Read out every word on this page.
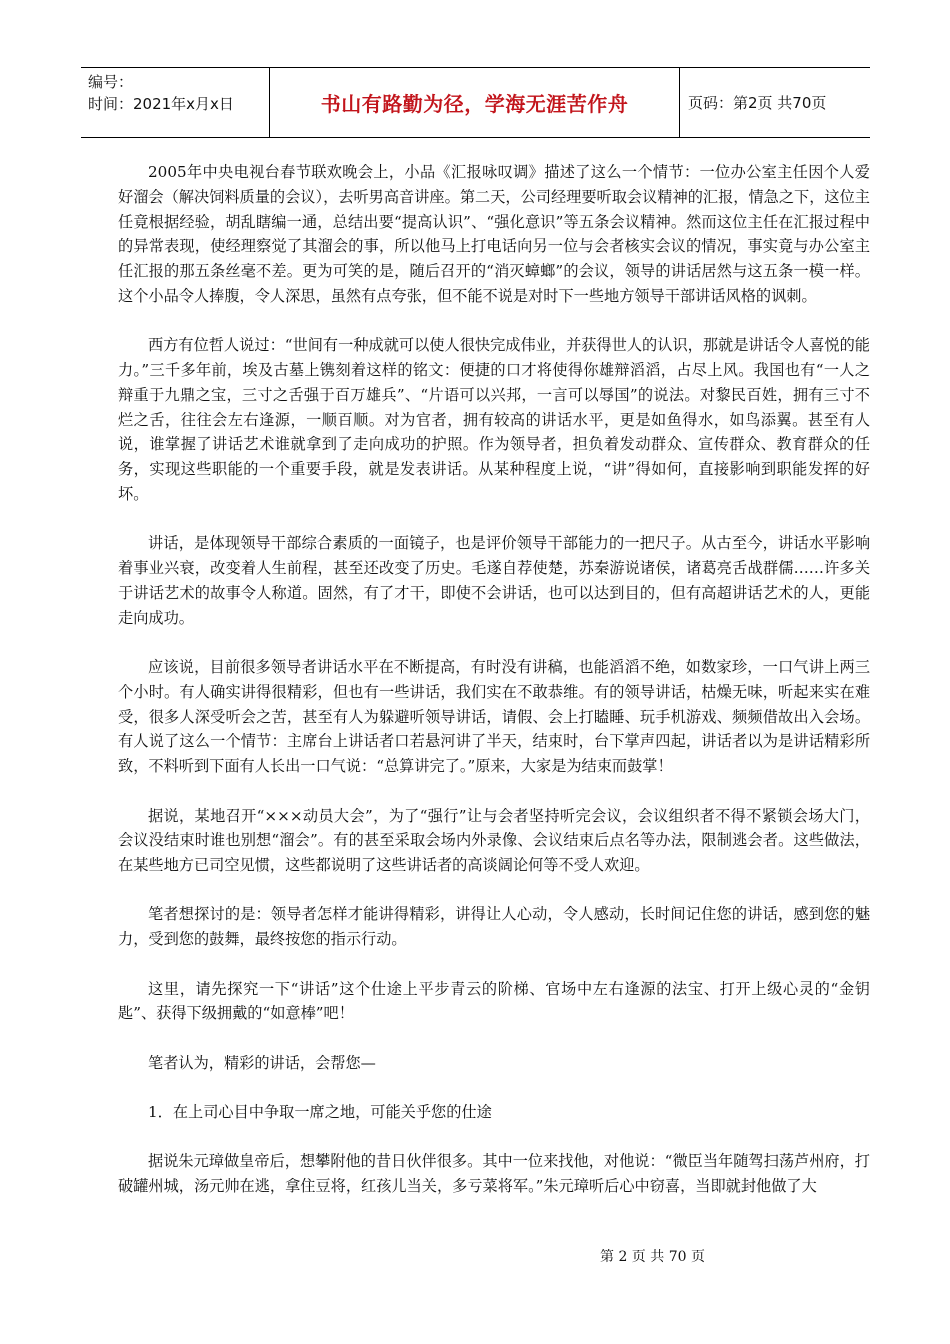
编号：
时间：2021年x月x日	书山有路勤为径，学海无涯苦作舟	页码：第2页 共70页

2005年中央电视台春节联欢晚会上，小品《汇报咏叹调》描述了这么一个情节：一位办公室主任因个人爱好溜会（解决饲料质量的会议），去听男高音讲座。第二天，公司经理要听取会议精神的汇报，情急之下，这位主任竟根据经验，胡乱瞎编一通，总结出要“提高认识”、“强化意识”等五条会议精神。然而这位主任在汇报过程中的异常表现，使经理察觉了其溜会的事，所以他马上打电话向另一位与会者核实会议的情况，事实竟与办公室主任汇报的那五条丝毫不差。更为可笑的是，随后召开的“消灭蟑螂”的会议，领导的讲话居然与这五条一模一样。这个小品令人捧腹，令人深思，虽然有点夸张，但不能不说是对时下一些地方领导干部讲话风格的讽刺。

西方有位哲人说过：“世间有一种成就可以使人很快完成伟业，并获得世人的认识，那就是讲话令人喜悦的能力。”三千多年前，埃及古墓上镌刻着这样的铭文：便捷的口才将使得你雄辩滔滔，占尽上风。我国也有“一人之辩重于九鼎之宝，三寸之舌强于百万雄兵”、“片语可以兴邦，一言可以辱国”的说法。对黎民百姓，拥有三寸不烂之舌，往往会左右逢源，一顺百顺。对为官者，拥有较高的讲话水平，更是如鱼得水，如鸟添翼。甚至有人说，谁掌握了讲话艺术谁就拿到了走向成功的护照。作为领导者，担负着发动群众、宣传群众、教育群众的任务，实现这些职能的一个重要手段，就是发表讲话。从某种程度上说，“讲”得如何，直接影响到职能发挥的好坏。

讲话，是体现领导干部综合素质的一面镜子，也是评价领导干部能力的一把尺子。从古至今，讲话水平影响着事业兴衰，改变着人生前程，甚至还改变了历史。毛遂自荐使楚，苏秦游说诸侯，诸葛亮舌战群儒……许多关于讲话艺术的故事令人称道。固然，有了才干，即使不会讲话，也可以达到目的，但有高超讲话艺术的人，更能走向成功。

应该说，目前很多领导者讲话水平在不断提高，有时没有讲稿，也能滔滔不绝，如数家珍，一口气讲上两三个小时。有人确实讲得很精彩，但也有一些讲话，我们实在不敢恭维。有的领导讲话，枯燥无味，听起来实在难受，很多人深受听会之苦，甚至有人为躲避听领导讲话，请假、会上打瞌睡、玩手机游戏、频频借故出入会场。有人说了这么一个情节：主席台上讲话者口若悬河讲了半天，结束时，台下掌声四起，讲话者以为是讲话精彩所致，不料听到下面有人长出一口气说：“总算讲完了。”原来，大家是为结束而鼓掌！

据说，某地召开“×××动员大会”，为了“强行”让与会者坚持听完会议，会议组织者不得不紧锁会场大门，会议没结束时谁也别想“溜会”。有的甚至采取会场内外录像、会议结束后点名等办法，限制逃会者。这些做法，在某些地方已司空见惯，这些都说明了这些讲话者的高谈阔论何等不受人欢迎。

笔者想探讨的是：领导者怎样才能讲得精彩，讲得让人心动，令人感动，长时间记住您的讲话，感到您的魅力，受到您的鼓舞，最终按您的指示行动。

这里，请先探究一下“讲话”这个仕途上平步青云的阶梯、官场中左右逢源的法宝、打开上级心灵的“金钥匙”、获得下级拥戴的“如意棒”吧！

笔者认为，精彩的讲话，会帮您—

1．在上司心目中争取一席之地，可能关乎您的仕途

据说朱元璋做皇帝后，想攀附他的昔日伙伴很多。其中一位来找他，对他说：“微臣当年随驾扫荡芦州府，打破罐州城，汤元帅在逃，拿住豆将，红孩儿当关，多亏菜将军。”朱元璋听后心中窃喜，当即就封他做了大

第 2 页 共 70 页
